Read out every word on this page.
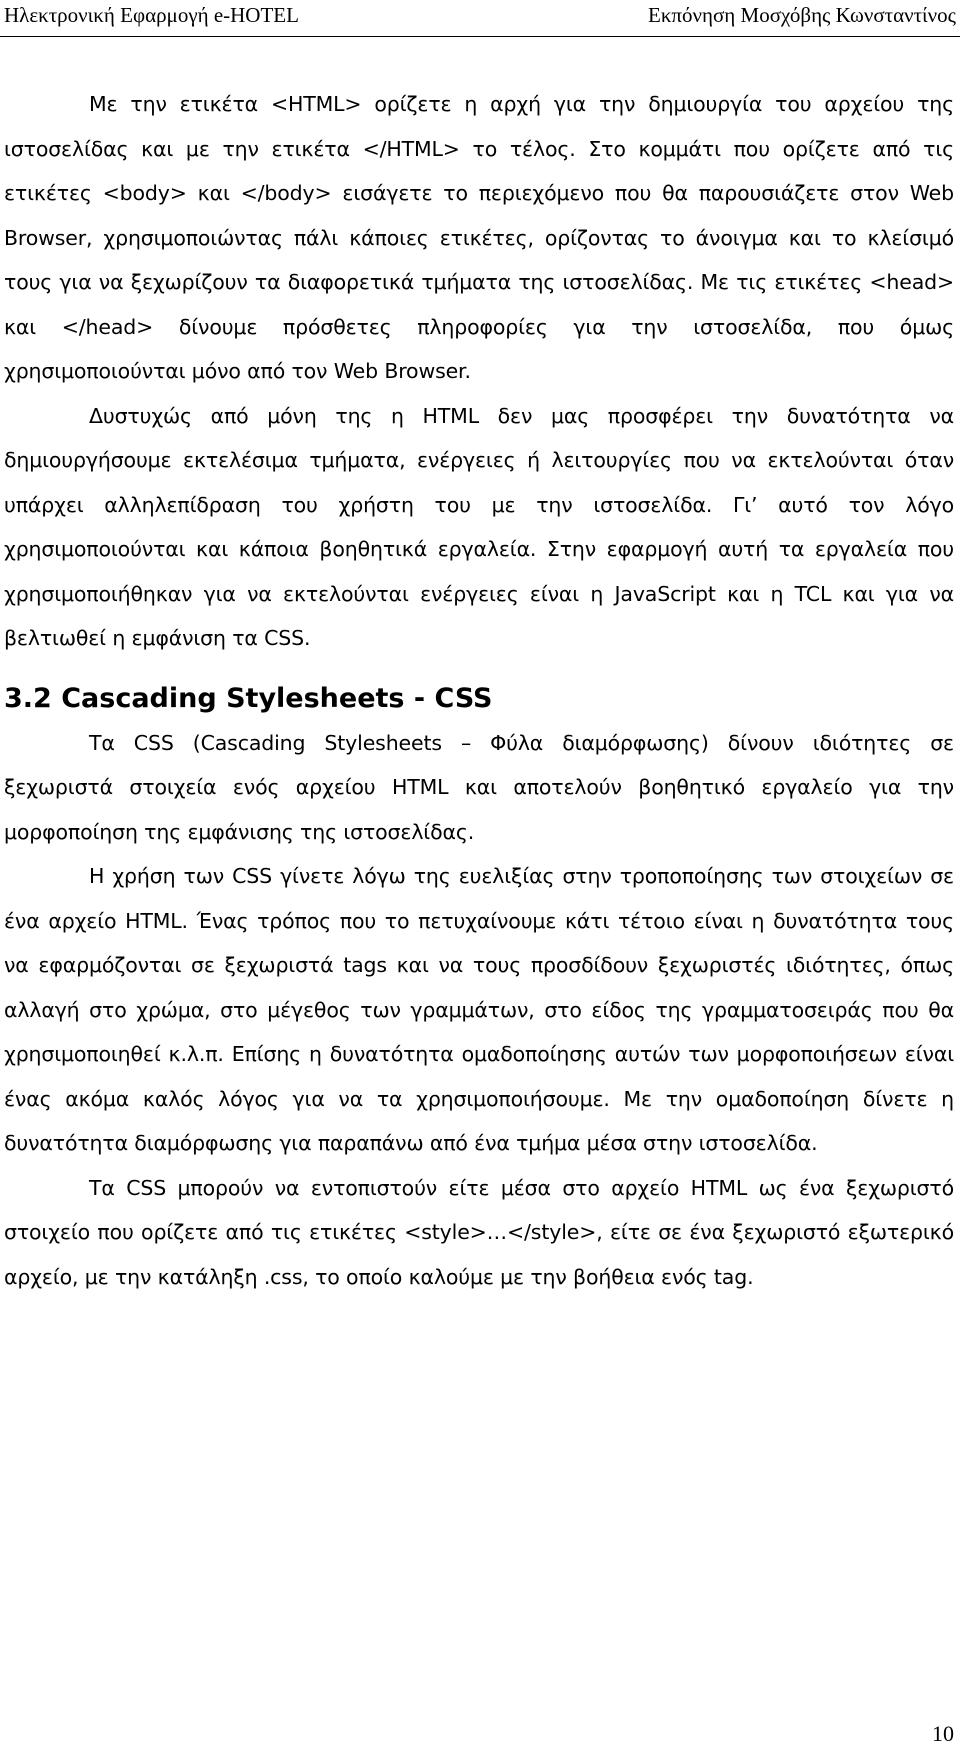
Ηλεκτρονική Εφαρμογή e-HOTEL	Εκπόνηση Μοσχόβης Κωνσταντίνος

Με την ετικέτα <HTML> ορίζετε η αρχή για την δημιουργία του αρχείου της ιστοσελίδας και με την ετικέτα </HTML> το τέλος. Στο κομμάτι που ορίζετε από τις ετικέτες <body> και </body> εισάγετε το περιεχόμενο που θα παρουσιάζετε στον Web Browser, χρησιμοποιώντας πάλι κάποιες ετικέτες, ορίζοντας το άνοιγμα και το κλείσιμό τους για να ξεχωρίζουν τα διαφορετικά τμήματα της ιστοσελίδας. Με τις ετικέτες <head> και </head> δίνουμε πρόσθετες πληροφορίες για την ιστοσελίδα, που όμως χρησιμοποιούνται μόνο από τον Web Browser.

Δυστυχώς από μόνη της η HTML δεν μας προσφέρει την δυνατότητα να δημιουργήσουμε εκτελέσιμα τμήματα, ενέργειες ή λειτουργίες που να εκτελούνται όταν υπάρχει αλληλεπίδραση του χρήστη του με την ιστοσελίδα. Γι’ αυτό τον λόγο χρησιμοποιούνται και κάποια βοηθητικά εργαλεία. Στην εφαρμογή αυτή τα εργαλεία που χρησιμοποιήθηκαν για να εκτελούνται ενέργειες είναι η JavaScript και η TCL και για να βελτιωθεί η εμφάνιση τα CSS.

3.2 Cascading Stylesheets - CSS

Τα CSS (Cascading Stylesheets – Φύλα διαμόρφωσης) δίνουν ιδιότητες σε ξεχωριστά στοιχεία ενός αρχείου HTML και αποτελούν βοηθητικό εργαλείο για την μορφοποίηση της εμφάνισης της ιστοσελίδας.

Η χρήση των CSS γίνετε λόγω της ευελιξίας στην τροποποίησης των στοιχείων σε ένα αρχείο HTML. Ένας τρόπος που το πετυχαίνουμε κάτι τέτοιο είναι η δυνατότητα τους να εφαρμόζονται σε ξεχωριστά tags και να τους προσδίδουν ξεχωριστές ιδιότητες, όπως αλλαγή στο χρώμα, στο μέγεθος των γραμμάτων, στο είδος της γραμματοσειράς που θα χρησιμοποιηθεί κ.λ.π. Επίσης η δυνατότητα ομαδοποίησης αυτών των μορφοποιήσεων είναι ένας ακόμα καλός λόγος για να τα χρησιμοποιήσουμε. Με την ομαδοποίηση δίνετε η δυνατότητα διαμόρφωσης για παραπάνω από ένα τμήμα μέσα στην ιστοσελίδα.

Τα CSS μπορούν να εντοπιστούν είτε μέσα στο αρχείο HTML ως ένα ξεχωριστό στοιχείο που ορίζετε από τις ετικέτες <style>…</style>, είτε σε ένα ξεχωριστό εξωτερικό αρχείο, με την κατάληξη .css, το οποίο καλούμε με την βοήθεια ενός tag.

10
